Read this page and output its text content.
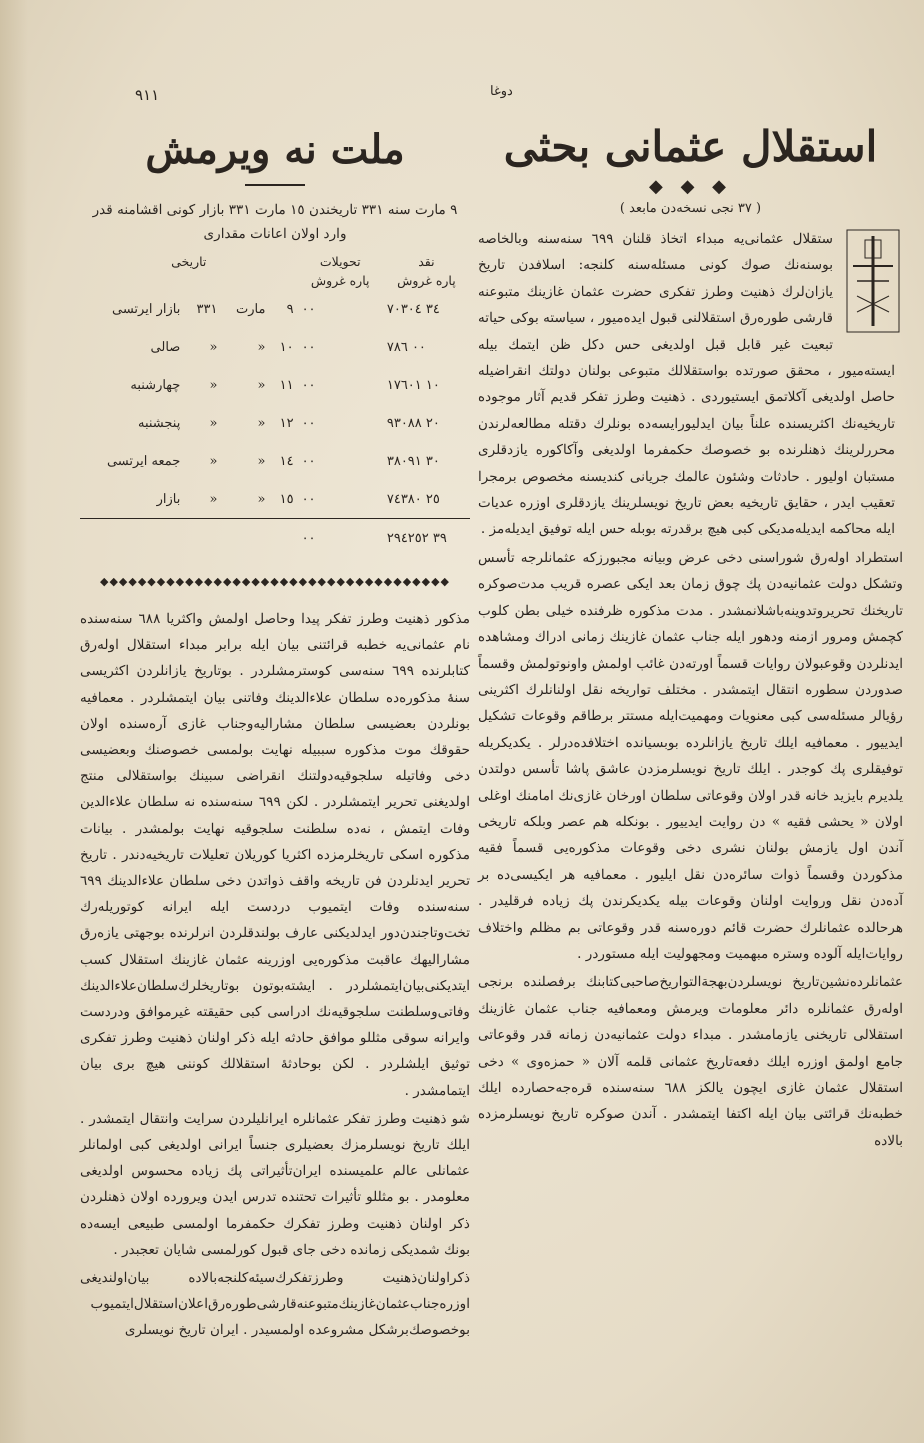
٩١١	دوغا
ملت نه ویرمش

٩ مارت سنه ٣٣١ تاریخندن ١٥ مارت ٣٣١ بازار کونی اقشامنه قدر وارد اولان اعانات مقداری

نقد	تحویلات	تاریخی			
پاره غروش	پاره غروش				
٣٤ ٧٠٣٠٤	٠٠	٩	مارت	٣٣١	بازار ایرتسی
٠٠ ٧٨٦	٠٠	١٠	«	«	صالی
١٠ ١٧٦٠١	٠٠	١١	«	«	چهارشنبه
٢٠ ٩٣٠٨٨	٠٠	١٢	«	«	پنجشنبه
٣٠ ٣٨٠٩١	٠٠	١٤	«	«	جمعه ایرتسی
٢٥ ٧٤٣٨٠	٠٠	١٥	«	«	بازار
٣٩ ٢٩٤٢٥٢	٠٠				
◆◆◆◆◆◆◆◆◆◆◆◆◆◆◆◆◆◆◆◆◆◆◆◆◆◆◆◆◆◆◆◆◆◆◆◆◆

مذکور ذهنیت وطرز تفکر پیدا وحاصل اولمش واکثریا ٦٨٨ سنه‌سنده نام عثمانی‌یه خطبه قرائتنی بیان ایله برابر مبداء استقلال اوله‌رق کتابلرنده ٦٩٩ سنه‌سی کوسترمشلردر . بوتاریخ یازانلردن اکثریسی سنهٔ مذکوره‌ده سلطان علاءالدینك وفاتنی بیان ایتمشلردر . معمافیه بونلردن بعضیسی سلطان مشارالیه‌وجناب غازی آره‌سنده اولان حقوقك موت مذکوره سببیله نهایت بولمسی خصوصنك وبعضیسی دخی وفاتیله سلجوقیه‌دولتنك انقراضی سبینك بواستقلالی منتج اولدیغنی تحریر ایتمشلردر . لکن ٦٩٩ سنه‌سنده نه سلطان علاءالدین وفات ایتمش ، نه‌ده سلطنت سلجوقیه نهایت بولمشدر . بیانات مذکوره اسکی تاریخلرمزده اکثریا کوریلان تعلیلات تاریخیه‌دندر . تاریخ تحریر ایدنلردن فن تاریخه واقف ذواتدن دخی سلطان علاءالدینك ٦٩٩ سنه‌سنده وفات ایتمیوب دردست ایله ایرانه کوتوریله‌رك تخت‌وتاجندن‌دور ایدلدیکنی عارف بولندقلردن انرلرنده بوجهتی یازه‌رق مشارالیهك عاقبت مذکوره‌یی اوزرینه عثمان غازینك استقلال کسب ایتدیکنی‌بیان‌ایتمشلردر . ایشته‌بوتون بوتاریخلرك‌سلطان‌علاءالدینك وفاتی‌وسلطنت سلجوقیه‌نك ادراسی کبی حقیقته غیرموافق ودردست وایرانه سوقی مثللو موافق حادثه ایله ذکر اولنان ذهنیت وطرز تفکری توثیق ایلشلردر . لکن بوحادثهٔ استقلالك کوننی هیچ بری بیان ایتمامشدر .

شو ذهنیت وطرز تفکر عثمانلره ایرانلیلردن سرایت وانتقال ایتمشدر . ایلك تاریخ نویسلرمزك بعضیلری جنساً ایرانی اولدیغی کبی اولمانلر عثمانلی عالم علمیسنده ایران‌تأثیراتی پك زیاده محسوس اولدیغی معلومدر . بو مثللو تأثیرات تحتنده تدرس ایدن ویرورده اولان ذهنلردن ذکر اولنان ذهنیت وطرز تفکرك حکمفرما اولمسی طبیعی ایسه‌ده بونك شمدیکی زمانده دخی جای قبول کورلمسی شایان تعجبدر .

ذکراولنان‌ذهنیت وطرزتفکرك‌سیئه‌کلنجه‌بالاده بیان‌اولندیغی اوزره‌جناب‌عثمان‌غازینك‌متبوعنه‌قارشی‌طوره‌رق‌اعلان‌استقلال‌ایتمیوب بوخصوصك‌برشکل مشروعده اولمسیدر . ایران تاریخ نویسلری

استقلال عثمانی بحثی
◆ ◆ ◆
( ٣٧ نجی نسخه‌دن مابعد )

ستقلال عثمانی‌یه مبداء اتخاذ قلنان ٦٩٩ سنه‌سنه وبالخاصه بوسنه‌نك صوك کونی مسئله‌سنه کلنجه: اسلافدن تاریخ یازان‌لرك ذهنیت وطرز تفکری حضرت عثمان غازینك متبوعنه قارشی طوره‌رق استقلالنی قبول ایده‌میور ، سیاسته بوکی حیاته تبعیت غیر قابل قبل اولدیغی حس دکل ظن ایتمك بیله ایسته‌میور ، محقق صورتده بواستقلالك متبوعی بولنان دولتك انقراضیله حاصل اولدیغی آکلاتمق ایستیوردی . ذهنیت وطرز تفکر قدیم آثار موجوده تاریخیه‌نك اکثریسنده علناً بیان ایدلیورایسه‌ده بونلرك دقتله مطالعه‌لرندن محررلرینك ذهنلرنده بو خصوصك حکمفرما اولدیغی وآکاکوره یازدقلری مستبان اولیور . حادثات وشئون عالمك جریانی کندیسنه مخصوص برمجرا تعقیب ایدر ، حقایق تاریخیه بعض تاریخ نویسلرینك یازدقلری اوزره عدیات ایله محاکمه ایدیله‌مدیکی کبی هیچ برقدرته بوبله حس ایله توفیق ایدیله‌مز .

استطراد اوله‌رق شوراسنی دخی عرض وبیانه مجبورزکه عثمانلرجه تأسس وتشکل دولت عثمانیه‌دن پك چوق زمان بعد ایکی عصره قریب مدت‌صوکره تاریخنك تحریروتدوینه‌باشلانمشدر . مدت مذکوره ظرفنده خیلی بطن کلوب کچمش ومرور ازمنه ودهور ایله جناب عثمان غازینك زمانی ادراك ومشاهده ایدنلردن وقوعبولان روایات قسماً اورته‌دن غائب اولمش واونوتولمش وقسماً صدوردن سطوره انتقال ایتمشدر . مختلف تواریخه نقل اولنانلرك اکثرینی رؤیالر مسئله‌سی کبی معنویات ومهمیت‌ایله مستتر برطاقم وقوعات تشکیل ایدییور . معمافیه ایلك تاریخ یازانلرده بوبسیانده اختلافده‌درلر . یکدیکریله توفیقلری پك کوجدر . ایلك تاریخ نویسلرمزدن عاشق پاشا تأسس دولتدن یلدیرم بایزید خانه قدر اولان وقوعاتی سلطان اورخان غازی‌نك امامنك اوغلی اولان « یحشی فقیه » دن روایت ایدییور . بونکله هم عصر وبلکه تاریخی آندن اول یازمش بولنان نشری دخی وقوعات مذکوره‌یی قسماً فقیه مذکوردن وقسماً ذوات سائره‌دن نقل ایلیور . معمافیه هر ایکیسی‌ده بر آده‌دن نقل وروایت اولنان وقوعات بیله یکدیکرندن پك زیاده فرقلیدر . هرحالده عثمانلرك حضرت قائم دوره‌سنه قدر وقوعاتی بم مظلم واختلاف روایات‌ایله آلوده وستره مبهمیت ومجهولیت ایله مستوردر .

عثمانلرده‌نشین‌تاریخ نویسلردن‌بهجةالتواریخ‌صاحبی‌کتابنك برفصلنده برنجی اوله‌رق عثمانلره دائر معلومات ویرمش ومعمافیه جناب عثمان غازینك استقلالی تاریخنی یازمامشدر . مبداء دولت عثمانیه‌دن زمانه قدر وقوعاتی جامع اولمق اوزره ایلك دفعه‌تاریخ عثمانی قلمه آلان « حمزه‌وی » دخی استقلال عثمان غازی ایچون یالکز ٦٨٨ سنه‌سنده قره‌جه‌حصارده ایلك خطبه‌نك قرائتی بیان ایله اکتفا ایتمشدر . آندن صوکره تاریخ نویسلرمزده بالاده
